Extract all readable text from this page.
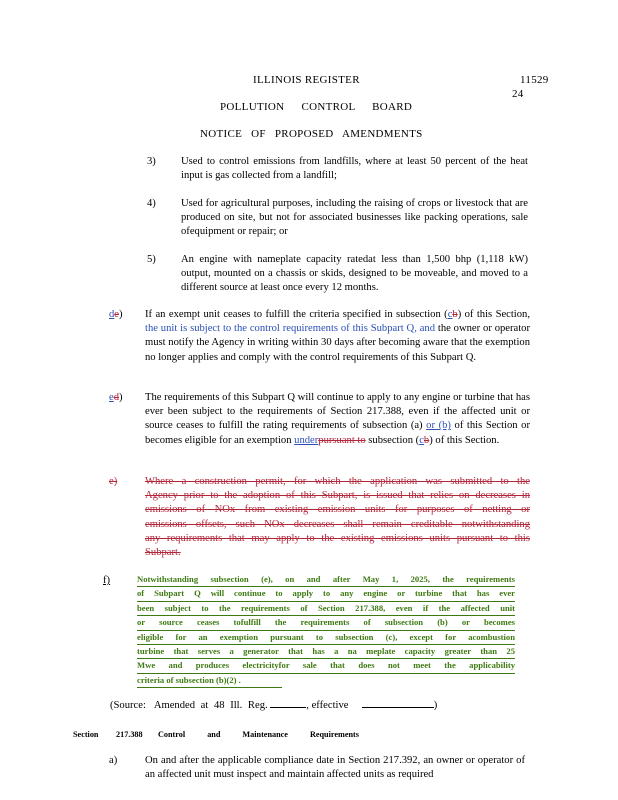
ILLINOIS REGISTER	11529
24
POLLUTION CONTROL BOARD
NOTICE OF PROPOSED AMENDMENTS
3)	Used to control emissions from landfills, where at least 50 percent of the heat input is gas collected from a landfill;
4)	Used for agricultural purposes, including the raising of crops or livestock that are produced on site, but not for associated businesses like packing operations, sale ofequipment or repair; or
5)	An engine with nameplate capacity ratedat less than 1,500 bhp (1,118 kW) output, mounted on a chassis or skids, designed to be moveable, and moved to a different source at least once every 12 months.
de)	If an exempt unit ceases to fulfill the criteria specified in subsection (cb) of this Section, the unit is subject to the control requirements of this Subpart Q, and the owner or operator must notify the Agency in writing within 30 days after becoming aware that the exemption no longer applies and comply with the control requirements of this Subpart Q.
ed)	The requirements of this Subpart Q will continue to apply to any engine or turbine that has ever been subject to the requirements of Section 217.388, even if the affected unit or source ceases to fulfill the rating requirements of subsection (a) or (b) of this Section or becomes eligible for an exemption underpursuant to subsection (cb) of this Section.
e)	Where a construction permit, for which the application was submitted to the
Agency prior to the adoption of this Subpart, is issued that relies on decreases in
emissions of NOx from existing emission units for purposes of netting or
emissions offsets, such NOx decreases shall remain creditable notwithstanding
any requirements that may apply to the existing emissions units pursuant to this
Subpart.
f)	Notwithstanding subsection (e), on and after May 1, 2025, the requirements
of Subpart Q will continue to apply to any engine or turbine that has ever
been subject to the requirements of Section 217.388, even if the affected unit
or source ceases tofulfill the requirements of subsection (b) or becomes
eligible for an exemption pursuant to subsection (c), except for acombustion
turbine that serves a generator that has a na meplate capacity greater than 25
Mwe and produces electricityfor sale that does not meet the applicability
criteria of subsection (b)(2) .
(Source: Amended at 48 Ill. Reg.	, effective	)
Section 217.388 Control and Maintenance Requirements
a)	On and after the applicable compliance date in Section 217.392, an owner or operator of an affected unit must inspect and maintain affected units as required
